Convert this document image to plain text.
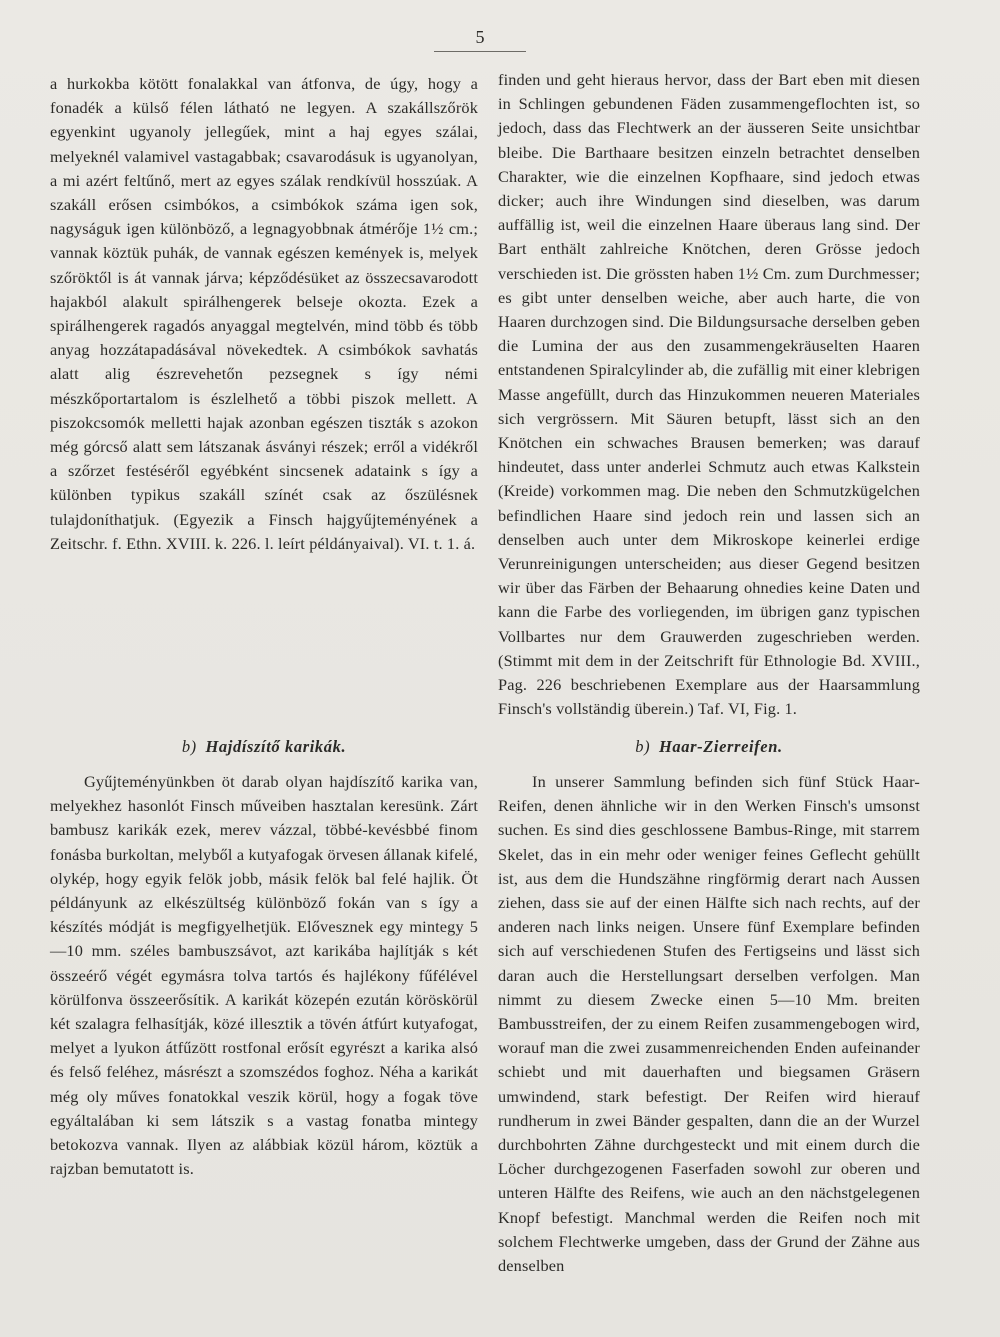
5

a hurkokba kötött fonalakkal van átfonva, de úgy, hogy a fonadék a külső félen látható ne legyen. A szakállszőrök egyenkint ugyanoly jellegűek, mint a haj egyes szálai, melyeknél valamivel vastagabbak; csavarodásuk is ugyanolyan, a mi azért feltűnő, mert az egyes szálak rendkívül hosszúak. A szakáll erősen csimbókos, a csimbókok száma igen sok, nagyságuk igen különböző, a legnagyobbnak átmérője 1½ cm.; vannak köztük puhák, de vannak egészen kemények is, melyek szőröktől is át vannak járva; képződésüket az összecsavarodott hajakból alakult spirálhengerek belseje okozta. Ezek a spirálhengerek ragadós anyaggal megtelvén, mind több és több anyag hozzátapadásával növekedtek. A csimbókok savhatás alatt alig észrevehetőn pezsegnek s így némi mészkőportartalom is észlelhető a többi piszok mellett. A piszokcsomók melletti hajak azonban egészen tiszták s azokon még górcső alatt sem látszanak ásványi részek; erről a vidékről a szőrzet festéséről egyébként sincsenek adataink s így a különben typikus szakáll színét csak az őszülésnek tulajdoníthatjuk. (Egyezik a Finsch hajgyűjteményének a Zeitschr. f. Ethn. XVIII. k. 226. l. leírt példányaival). VI. t. 1. á.

finden und geht hieraus hervor, dass der Bart eben mit diesen in Schlingen gebundenen Fäden zusammengeflochten ist, so jedoch, dass das Flechtwerk an der äusseren Seite unsichtbar bleibe. Die Barthaare besitzen einzeln betrachtet denselben Charakter, wie die einzelnen Kopfhaare, sind jedoch etwas dicker; auch ihre Windungen sind dieselben, was darum auffällig ist, weil die einzelnen Haare überaus lang sind. Der Bart enthält zahlreiche Knötchen, deren Grösse jedoch verschieden ist. Die grössten haben 1½ Cm. zum Durchmesser; es gibt unter denselben weiche, aber auch harte, die von Haaren durchzogen sind. Die Bildungsursache derselben geben die Lumina der aus den zusammengekräuselten Haaren entstandenen Spiralcylinder ab, die zufällig mit einer klebrigen Masse angefüllt, durch das Hinzukommen neueren Materiales sich vergrössern. Mit Säuren betupft, lässt sich an den Knötchen ein schwaches Brausen bemerken; was darauf hindeutet, dass unter anderlei Schmutz auch etwas Kalkstein (Kreide) vorkommen mag. Die neben den Schmutzkügelchen befindlichen Haare sind jedoch rein und lassen sich an denselben auch unter dem Mikroskope keinerlei erdige Verunreinigungen unterscheiden; aus dieser Gegend besitzen wir über das Färben der Behaarung ohnedies keine Daten und kann die Farbe des vorliegenden, im übrigen ganz typischen Vollbartes nur dem Grauwerden zugeschrieben werden. (Stimmt mit dem in der Zeitschrift für Ethnologie Bd. XVIII., Pag. 226 beschriebenen Exemplare aus der Haarsammlung Finsch's vollständig überein.) Taf. VI, Fig. 1.

b) Hajdíszítő karikák.	b) Haar-Zierreifen.

Gyűjteményünkben öt darab olyan hajdíszítő karika van, melyekhez hasonlót Finsch műveiben hasztalan keresünk. Zárt bambusz karikák ezek, merev vázzal, többé-kevésbbé finom fonásba burkoltan, melyből a kutyafogak örvesen állanak kifelé, olykép, hogy egyik felök jobb, másik felök bal felé hajlik. Öt példányunk az elkészültség különböző fokán van s így a készítés módját is megfigyelhetjük. Elővesznek egy mintegy 5—10 mm. széles bambuszsávot, azt karikába hajlítják s két összeérő végét egymásra tolva tartós és hajlékony fűfélével körülfonva összeerősítik. A karikát közepén ezután köröskörül két szalagra felhasítják, közé illesztik a tövén átfúrt kutyafogat, melyet a lyukon átfűzött rostfonal erősít egyrészt a karika alsó és felső feléhez, másrészt a szomszédos foghoz. Néha a karikát még oly műves fonatokkal veszik körül, hogy a fogak töve egyáltalában ki sem látszik s a vastag fonatba mintegy betokozva vannak. Ilyen az alábbiak közül három, köztük a rajzban bemutatott is.

In unserer Sammlung befinden sich fünf Stück Haar-Reifen, denen ähnliche wir in den Werken Finsch's umsonst suchen. Es sind dies geschlossene Bambus-Ringe, mit starrem Skelet, das in ein mehr oder weniger feines Geflecht gehüllt ist, aus dem die Hundszähne ringförmig derart nach Aussen ziehen, dass sie auf der einen Hälfte sich nach rechts, auf der anderen nach links neigen. Unsere fünf Exemplare befinden sich auf verschiedenen Stufen des Fertigseins und lässt sich daran auch die Herstellungsart derselben verfolgen. Man nimmt zu diesem Zwecke einen 5—10 Mm. breiten Bambusstreifen, der zu einem Reifen zusammengebogen wird, worauf man die zwei zusammenreichenden Enden aufeinander schiebt und mit dauerhaften und biegsamen Gräsern umwindend, stark befestigt. Der Reifen wird hierauf rundherum in zwei Bänder gespalten, dann die an der Wurzel durchbohrten Zähne durchgesteckt und mit einem durch die Löcher durchgezogenen Faserfaden sowohl zur oberen und unteren Hälfte des Reifens, wie auch an den nächstgelegenen Knopf befestigt. Manchmal werden die Reifen noch mit solchem Flechtwerke umgeben, dass der Grund der Zähne aus denselben
